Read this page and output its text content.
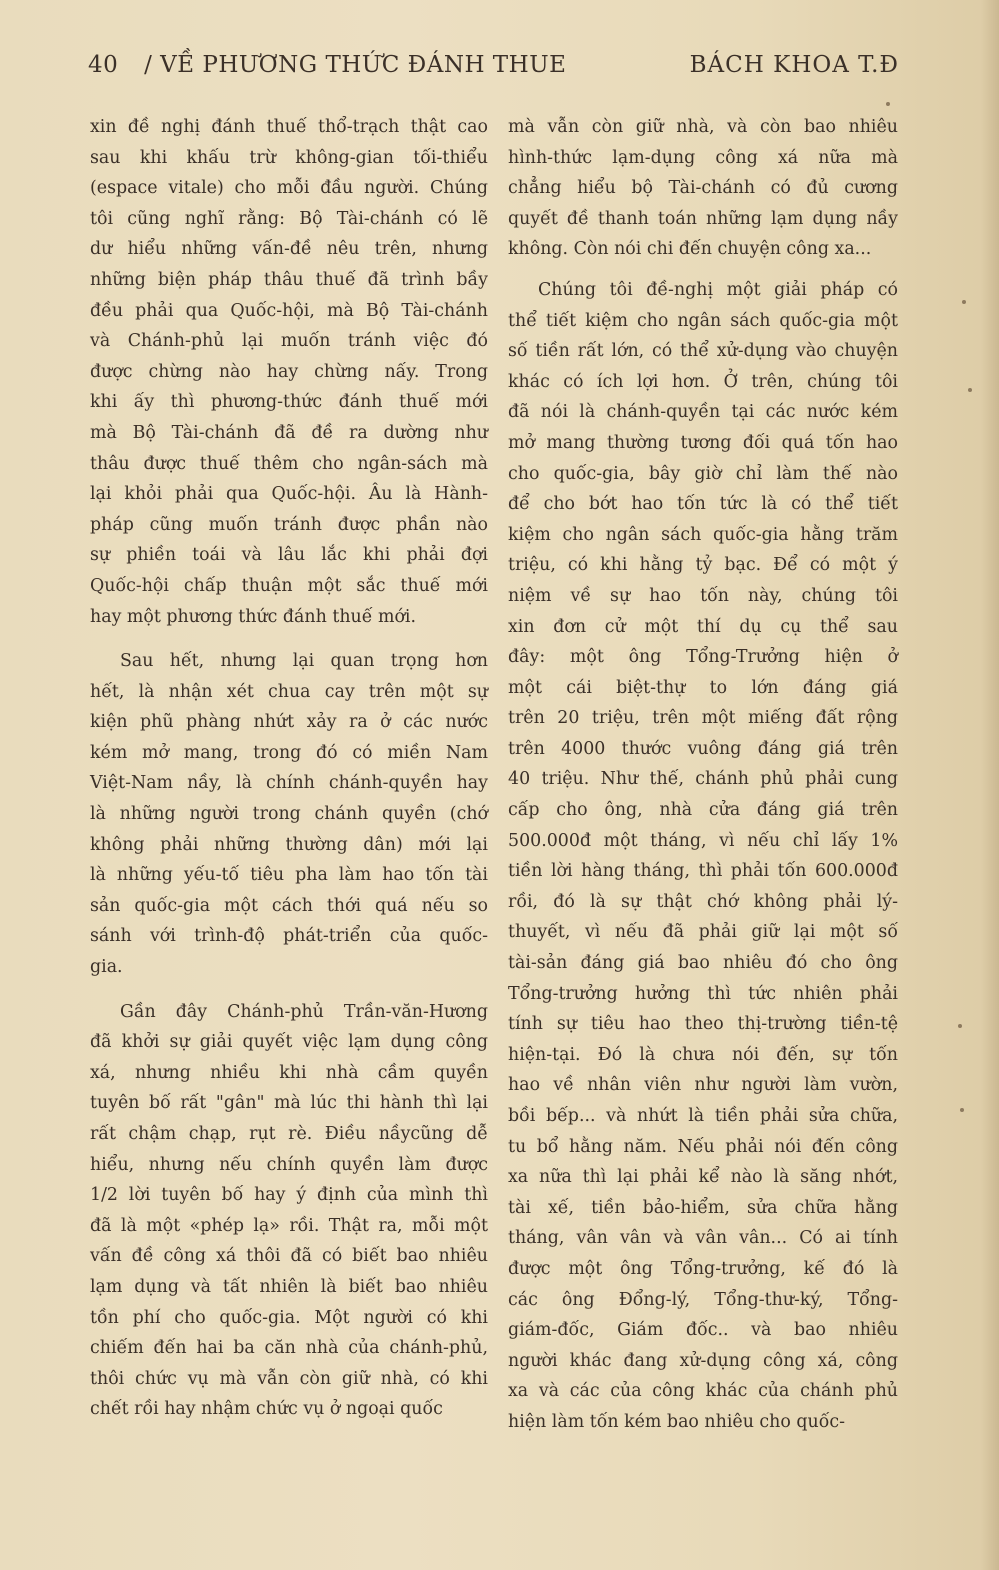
40 / VỀ PHƯƠNG THỨC ĐÁNH THUE	BÁCH KHOA T.Đ

xin đề nghị đánh thuế thổ-trạch thật cao
sau khi khấu trừ không-gian tối-thiểu
(espace vitale) cho mỗi đầu người. Chúng
tôi cũng nghĩ rằng: Bộ Tài-chánh có lẽ
dư hiểu những vấn-đề nêu trên, nhưng
những biện pháp thâu thuế đã trình bầy
đều phải qua Quốc-hội, mà Bộ Tài-chánh
và Chánh-phủ lại muốn tránh việc đó
được chừng nào hay chừng nấy. Trong
khi ấy thì phương-thức đánh thuế mới
mà Bộ Tài-chánh đã đề ra dường như
thâu được thuế thêm cho ngân-sách mà
lại khỏi phải qua Quốc-hội. Âu là Hành-
pháp cũng muốn tránh được phần nào
sự phiền toái và lâu lắc khi phải đợi
Quốc-hội chấp thuận một sắc thuế mới
hay một phương thức đánh thuế mới.

Sau hết, nhưng lại quan trọng hơn
hết, là nhận xét chua cay trên một sự
kiện phũ phàng nhứt xảy ra ở các nước
kém mở mang, trong đó có miền Nam
Việt-Nam nầy, là chính chánh-quyền hay
là những người trong chánh quyền (chớ
không phải những thường dân) mới lại
là những yếu-tố tiêu pha làm hao tốn tài
sản quốc-gia một cách thới quá nếu so
sánh với trình-độ phát-triển của quốc-
gia.

Gần đây Chánh-phủ Trần-văn-Hương
đã khởi sự giải quyết việc lạm dụng công
xá, nhưng nhiều khi nhà cầm quyền
tuyên bố rất "gân" mà lúc thi hành thì lại
rất chậm chạp, rụt rè. Điều nầycũng dễ
hiểu, nhưng nếu chính quyền làm được
1/2 lời tuyên bố hay ý định của mình thì
đã là một «phép lạ» rồi. Thật ra, mỗi một
vấn đề công xá thôi đã có biết bao nhiêu
lạm dụng và tất nhiên là biết bao nhiêu
tồn phí cho quốc-gia. Một người có khi
chiếm đến hai ba căn nhà của chánh-phủ,
thôi chức vụ mà vẫn còn giữ nhà, có khi
chết rồi hay nhậm chức vụ ở ngoại quốc

mà vẫn còn giữ nhà, và còn bao nhiêu
hình-thức lạm-dụng công xá nữa mà
chẳng hiểu bộ Tài-chánh có đủ cương
quyết đề thanh toán những lạm dụng nầy
không. Còn nói chi đến chuyện công xa...

Chúng tôi đề-nghị một giải pháp có
thể tiết kiệm cho ngân sách quốc-gia một
số tiền rất lớn, có thể xử-dụng vào chuyện
khác có ích lợi hơn. Ở trên, chúng tôi
đã nói là chánh-quyền tại các nước kém
mở mang thường tương đối quá tốn hao
cho quốc-gia, bây giờ chỉ làm thế nào
để cho bớt hao tốn tức là có thể tiết
kiệm cho ngân sách quốc-gia hằng trăm
triệu, có khi hằng tỷ bạc. Để có một ý
niệm về sự hao tốn này, chúng tôi
xin đơn cử một thí dụ cụ thể sau
đây: một ông Tổng-Trưởng hiện ở
một cái biệt-thự to lớn đáng giá
trên 20 triệu, trên một miếng đất rộng
trên 4000 thước vuông đáng giá trên
40 triệu. Như thế, chánh phủ phải cung
cấp cho ông, nhà cửa đáng giá trên
500.000đ một tháng, vì nếu chỉ lấy 1%
tiền lời hàng tháng, thì phải tốn 600.000đ
rồi, đó là sự thật chớ không phải lý-
thuyết, vì nếu đã phải giữ lại một số
tài-sản đáng giá bao nhiêu đó cho ông
Tổng-trưởng hưởng thì tức nhiên phải
tính sự tiêu hao theo thị-trường tiền-tệ
hiện-tại. Đó là chưa nói đến, sự tốn
hao về nhân viên như người làm vườn,
bồi bếp... và nhứt là tiền phải sửa chữa,
tu bổ hằng năm. Nếu phải nói đến công
xa nữa thì lại phải kể nào là săng nhớt,
tài xế, tiền bảo-hiểm, sửa chữa hằng
tháng, vân vân và vân vân... Có ai tính
được một ông Tổng-trưởng, kế đó là
các ông Đổng-lý, Tổng-thư-ký, Tổng-
giám-đốc, Giám đốc.. và bao nhiêu
người khác đang xử-dụng công xá, công
xa và các của công khác của chánh phủ
hiện làm tốn kém bao nhiêu cho quốc-
